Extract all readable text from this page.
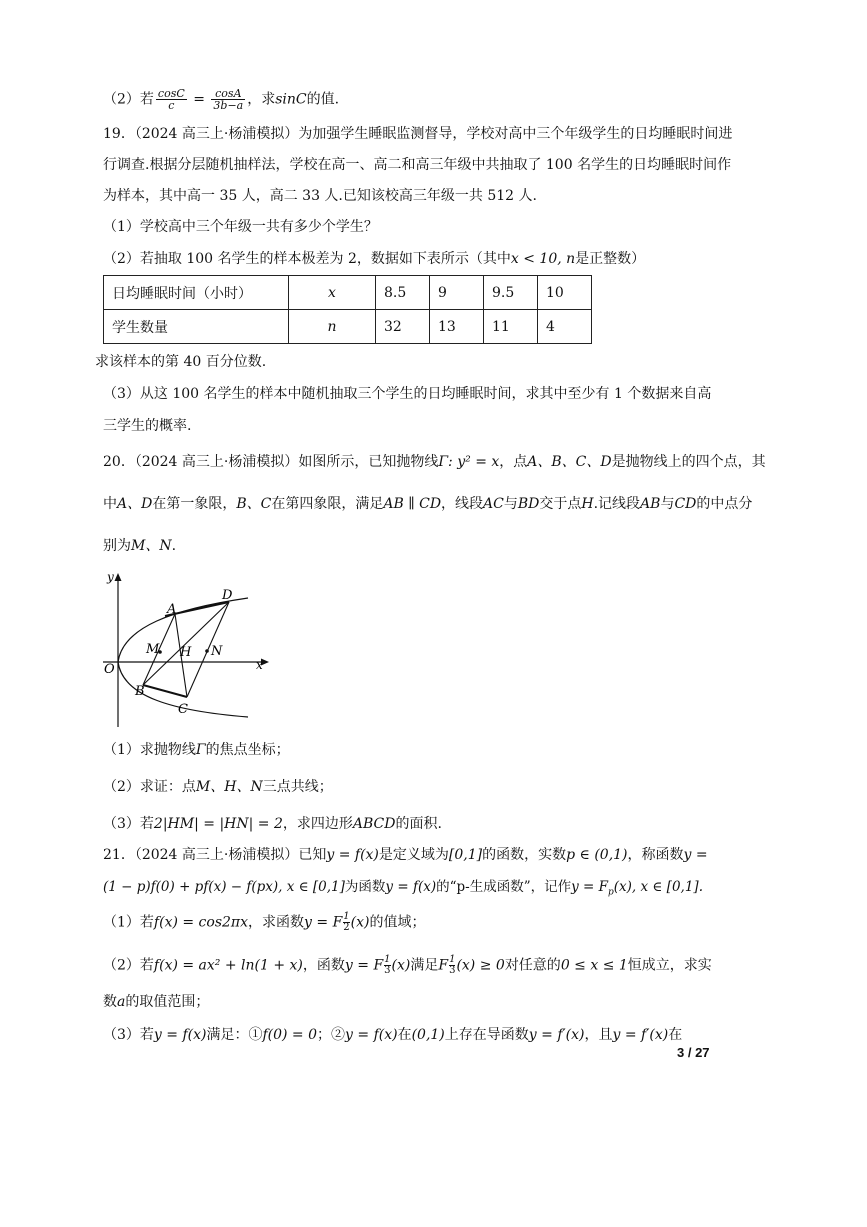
（2）若 $\frac{\cos C}{c} = \frac{\cos A}{3b-a}$ ，求sinC的值.
19．（2024 高三上·杨浦模拟）为加强学生睡眠监测督导，学校对高中三个年级学生的日均睡眠时间进
行调查.根据分层随机抽样法，学校在高一、高二和高三年级中共抽取了 100 名学生的日均睡眠时间作
为样本，其中高一 35 人，高二 33 人.已知该校高三年级一共 512 人.
（1）学校高中三个年级一共有多少个学生？
（2）若抽取 100 名学生的样本极差为 2，数据如下表所示（其中x < 10, n是正整数）
日均睡眠时间（小时）	x	8.5	9	9.5	10
学生数量	n	32	13	11	4
求该样本的第 40 百分位数.
（3）从这 100 名学生的样本中随机抽取三个学生的日均睡眠时间，求其中至少有 1 个数据来自高
三学生的概率.
20．（2024 高三上·杨浦模拟）如图所示，已知抛物线Γ: y² = x，点A、B、C、D是抛物线上的四个点，其
中A、D在第一象限，B、C在第四象限，满足AB ∥ CD，线段AC与BD交于点H.记线段AB与CD的中点分
别为M、N.
y
x
O
A
D
B
C
M H N
（1）求抛物线Γ的焦点坐标；
（2）求证：点M、H、N三点共线；
（3）若2|HM| = |HN| = 2，求四边形ABCD的面积.
21．（2024 高三上·杨浦模拟）已知y = f(x)是定义域为[0,1]的函数，实数p ∈ (0,1)，称函数y =
(1 − p)f(0) + pf(x) − f(px), x ∈ [0,1]为函数y = f(x)的“p-生成函数”，记作$y = F_p(x)$, x ∈ [0,1].
（1）若f(x) = cos2πx，求函数y = F $\frac{1}{2} (x)$的值域；
（2）若f(x) = ax² + ln(1 + x)，函数y = F $\frac{1}{3} (x)$满足F $\frac{1}{3} (x) \ge 0$对任意的0 ≤ x ≤ 1恒成立，求实
数a的取值范围；
（3）若y = f(x)满足：①f(0) = 0；②y = f(x)在(0,1)上存在导函数y = f′(x)，且y = f′(x)在
3 / 27
